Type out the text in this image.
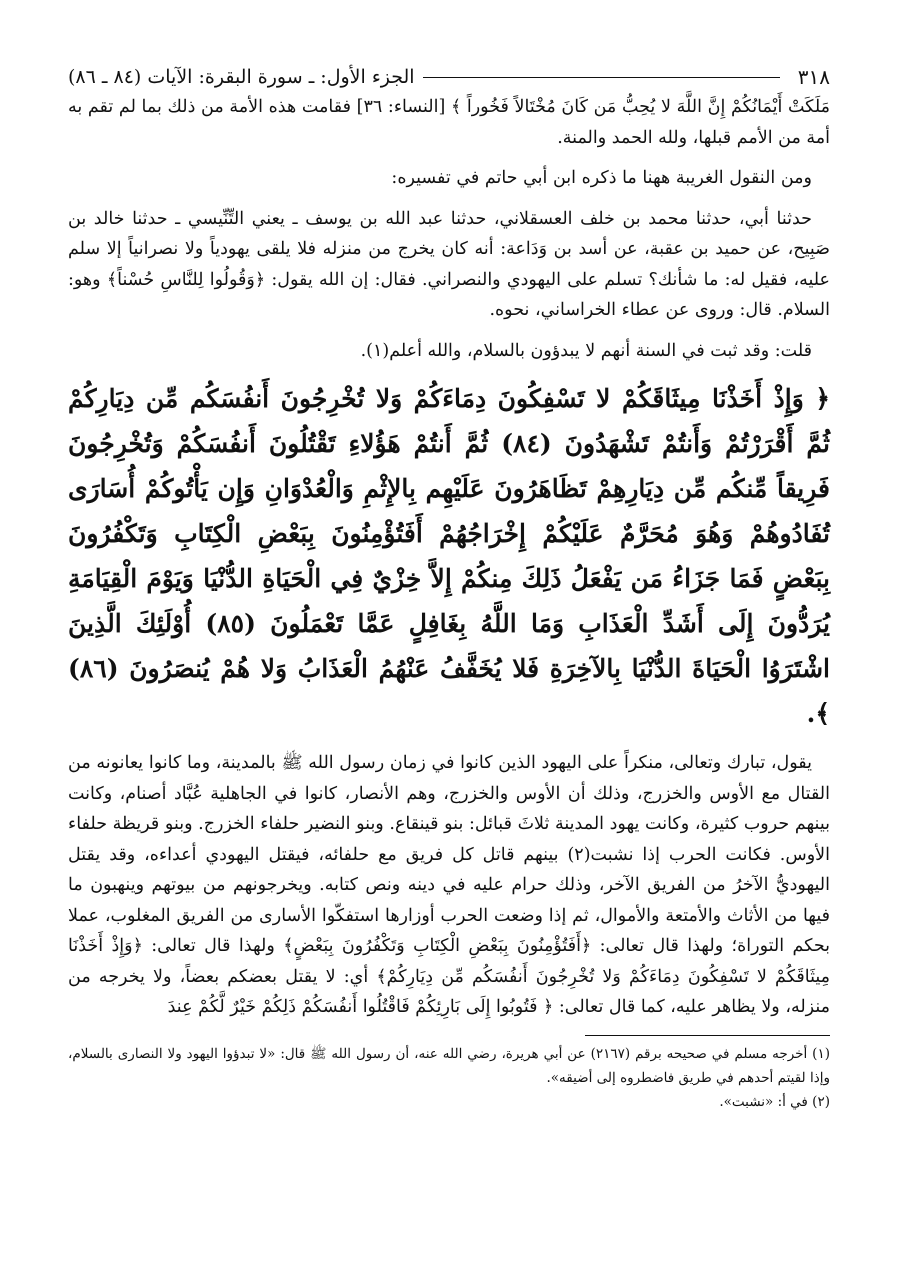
٣١٨
الجزء الأول: ـ سورة البقرة: الآيات (٨٤ ـ ٨٦)

مَلَكَتْ أَيْمَانُكُمْ إِنَّ اللَّهَ لا يُحِبُّ مَن كَانَ مُخْتَالاً فَخُوراً ﴾ [النساء: ٣٦] فقامت هذه الأمة من ذلك بما لم تقم به أمة من الأمم قبلها، ولله الحمد والمنة.

ومن النقول الغريبة ههنا ما ذكره ابن أبي حاتم في تفسيره:

حدثنا أبي، حدثنا محمد بن خلف العسقلاني، حدثنا عبد الله بن يوسف ـ يعني التِّنِّيسي ـ حدثنا خالد بن صَبِيح، عن حميد بن عقبة، عن أسد بن وَدَاعة: أنه كان يخرج من منزله فلا يلقى يهودياً ولا نصرانياً إلا سلم عليه، فقيل له: ما شأنك؟ تسلم على اليهودي والنصراني. فقال: إن الله يقول: ﴿وَقُولُوا لِلنَّاسِ حُسْناً﴾ وهو: السلام. قال: وروى عن عطاء الخراساني، نحوه.

قلت: وقد ثبت في السنة أنهم لا يبدؤون بالسلام، والله أعلم(١).

﴿ وَإِذْ أَخَذْنَا مِيثَاقَكُمْ لا تَسْفِكُونَ دِمَاءَكُمْ وَلا تُخْرِجُونَ أَنفُسَكُم مِّن دِيَارِكُمْ ثُمَّ أَقْرَرْتُمْ وَأَنتُمْ تَشْهَدُونَ (٨٤) ثُمَّ أَنتُمْ هَؤُلاءِ تَقْتُلُونَ أَنفُسَكُمْ وَتُخْرِجُونَ فَرِيقاً مِّنكُم مِّن دِيَارِهِمْ تَظَاهَرُونَ عَلَيْهِم بِالإِثْمِ وَالْعُدْوَانِ وَإِن يَأْتُوكُمْ أُسَارَى تُفَادُوهُمْ وَهُوَ مُحَرَّمٌ عَلَيْكُمْ إِخْرَاجُهُمْ أَفَتُؤْمِنُونَ بِبَعْضِ الْكِتَابِ وَتَكْفُرُونَ بِبَعْضٍ فَمَا جَزَاءُ مَن يَفْعَلُ ذَلِكَ مِنكُمْ إِلاَّ خِزْيٌ فِي الْحَيَاةِ الدُّنْيَا وَيَوْمَ الْقِيَامَةِ يُرَدُّونَ إِلَى أَشَدِّ الْعَذَابِ وَمَا اللَّهُ بِغَافِلٍ عَمَّا تَعْمَلُونَ (٨٥) أُوْلَئِكَ الَّذِينَ اشْتَرَوُا الْحَيَاةَ الدُّنْيَا بِالآخِرَةِ فَلا يُخَفَّفُ عَنْهُمُ الْعَذَابُ وَلا هُمْ يُنصَرُونَ (٨٦) ﴾.

يقول، تبارك وتعالى، منكراً على اليهود الذين كانوا في زمان رسول الله ﷺ بالمدينة، وما كانوا يعانونه من القتال مع الأوس والخزرج، وذلك أن الأوس والخزرج، وهم الأنصار، كانوا في الجاهلية عُبَّاد أصنام، وكانت بينهم حروب كثيرة، وكانت يهود المدينة ثلاثَ قبائل: بنو قينقاع. وبنو النضير حلفاء الخزرج. وبنو قريظة حلفاء الأوس. فكانت الحرب إذا نشبت(٢) بينهم قاتل كل فريق مع حلفائه، فيقتل اليهودي أعداءه، وقد يقتل اليهوديُّ الآخرُ من الفريق الآخر، وذلك حرام عليه في دينه ونص كتابه. ويخرجونهم من بيوتهم وينهبون ما فيها من الأثاث والأمتعة والأموال، ثم إذا وضعت الحرب أوزارها استفكّوا الأسارى من الفريق المغلوب، عملا بحكم التوراة؛ ولهذا قال تعالى: ﴿أَفَتُؤْمِنُونَ بِبَعْضِ الْكِتَابِ وَتَكْفُرُونَ بِبَعْضٍ﴾ ولهذا قال تعالى: ﴿وَإِذْ أَخَذْنَا مِيثَاقَكُمْ لا تَسْفِكُونَ دِمَاءَكُمْ وَلا تُخْرِجُونَ أَنفُسَكُم مِّن دِيَارِكُمْ﴾ أي: لا يقتل بعضكم بعضاً، ولا يخرجه من منزله، ولا يظاهر عليه، كما قال تعالى: ﴿ فَتُوبُوا إِلَى بَارِئِكُمْ فَاقْتُلُوا أَنفُسَكُمْ ذَلِكُمْ خَيْرٌ لَّكُمْ عِندَ

(١) أخرجه مسلم في صحيحه برقم (٢١٦٧) عن أبي هريرة، رضي الله عنه، أن رسول الله ﷺ قال: «لا تبدؤوا اليهود ولا النصارى بالسلام، وإذا لقيتم أحدهم في طريق فاضطروه إلى أضيقه».

(٢) في أ: «نشبت».
